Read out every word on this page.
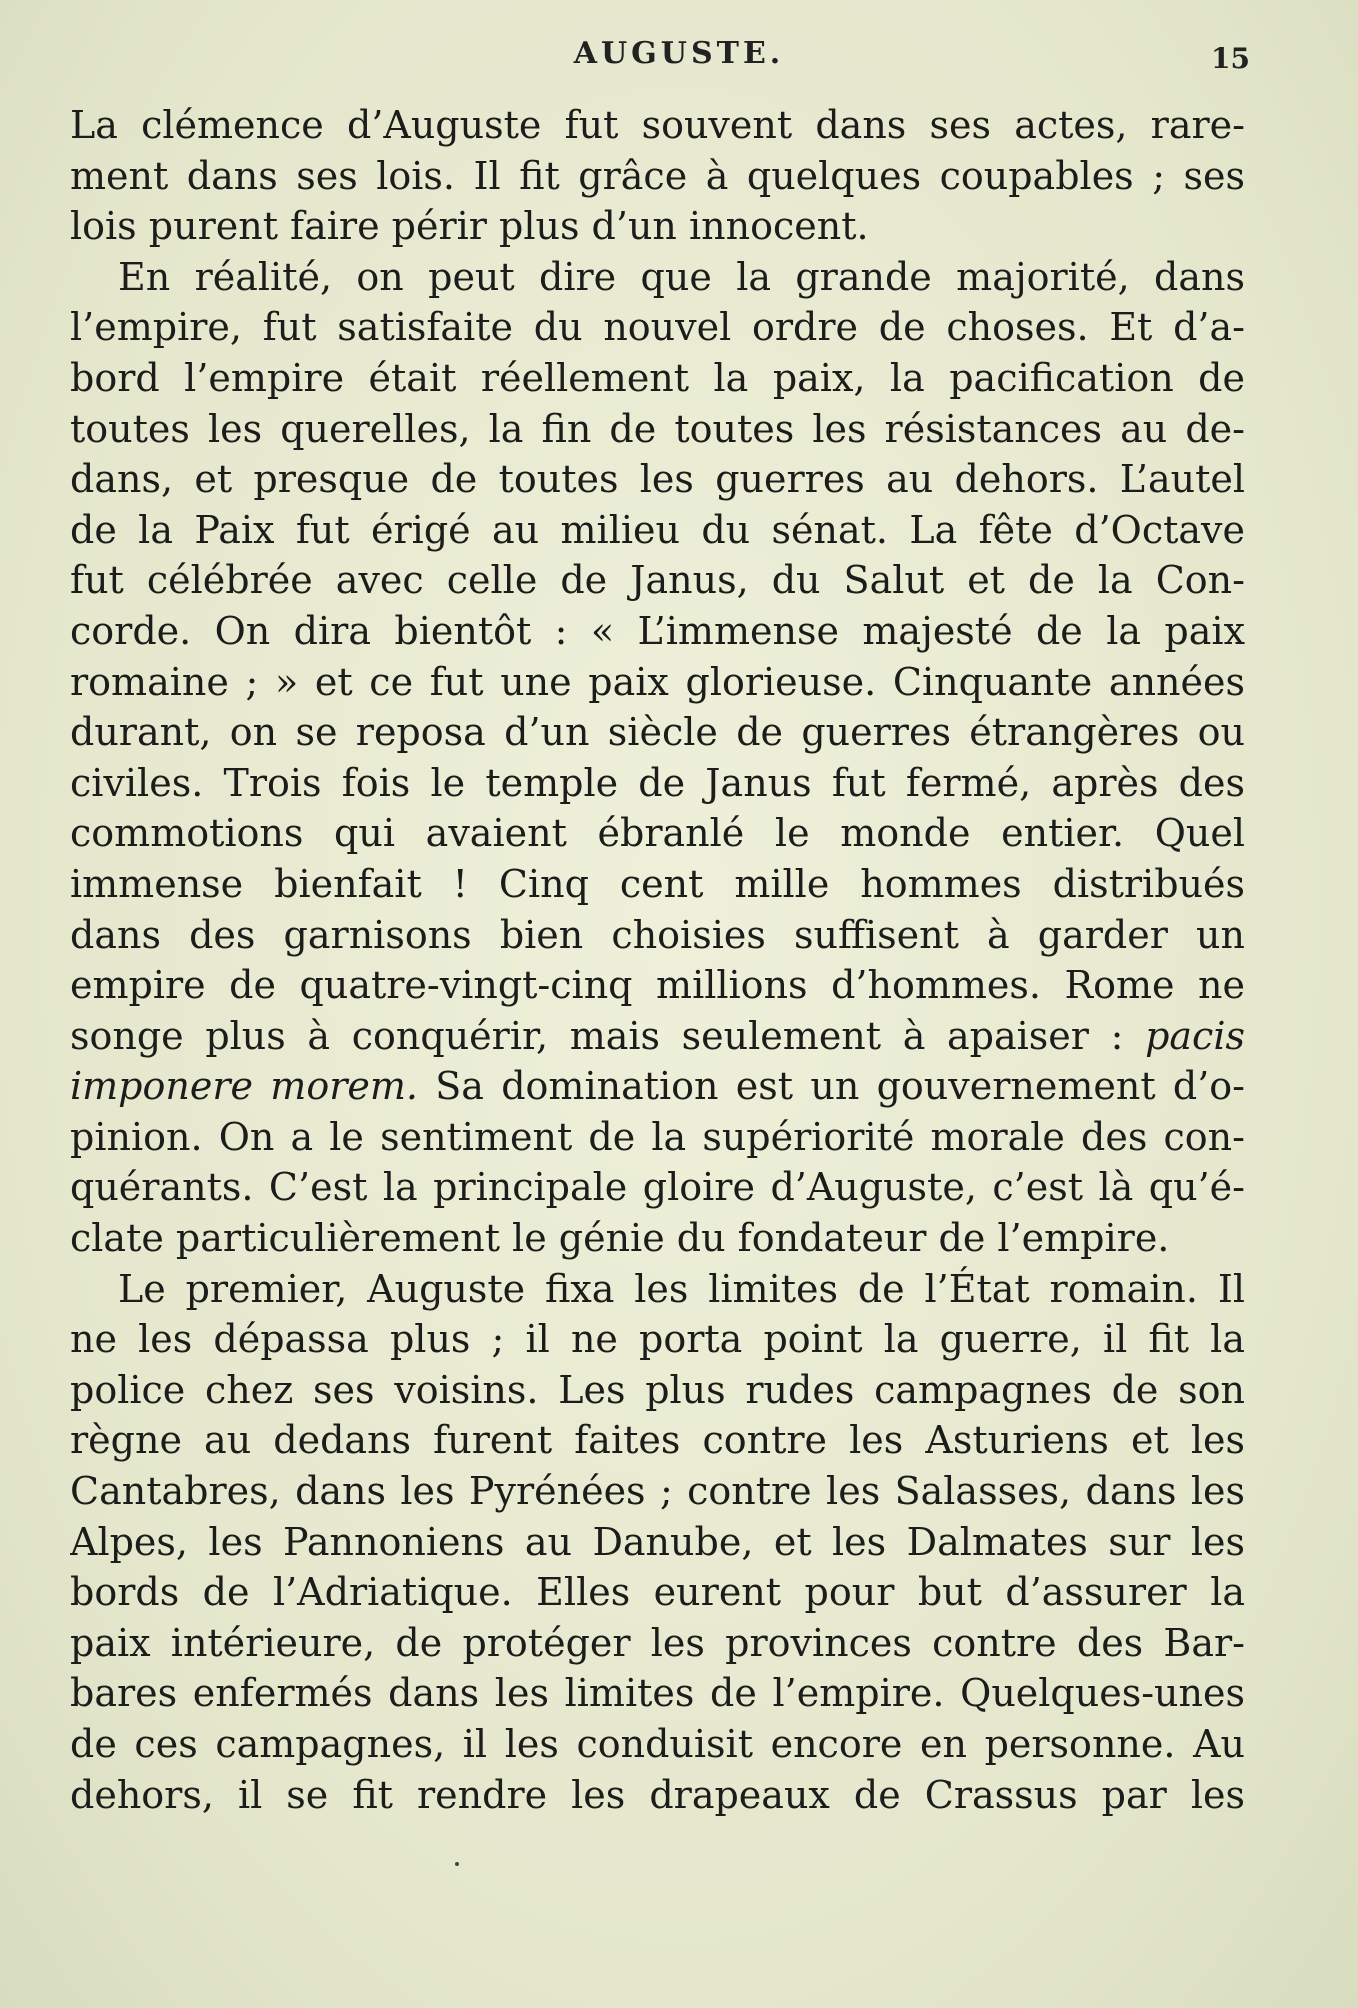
AUGUSTE.	15
La clémence d’Auguste fut souvent dans ses actes, rare-
ment dans ses lois. Il fit grâce à quelques coupables ; ses
lois purent faire périr plus d’un innocent.
En réalité, on peut dire que la grande majorité, dans
l’empire, fut satisfaite du nouvel ordre de choses. Et d’a-
bord l’empire était réellement la paix, la pacification de
toutes les querelles, la fin de toutes les résistances au de-
dans, et presque de toutes les guerres au dehors. L’autel
de la Paix fut érigé au milieu du sénat. La fête d’Octave
fut célébrée avec celle de Janus, du Salut et de la Con-
corde. On dira bientôt : « L’immense majesté de la paix
romaine ; » et ce fut une paix glorieuse. Cinquante années
durant, on se reposa d’un siècle de guerres étrangères ou
civiles. Trois fois le temple de Janus fut fermé, après des
commotions qui avaient ébranlé le monde entier. Quel
immense bienfait ! Cinq cent mille hommes distribués
dans des garnisons bien choisies suffisent à garder un
empire de quatre-vingt-cinq millions d’hommes. Rome ne
songe plus à conquérir, mais seulement à apaiser : pacis
imponere morem. Sa domination est un gouvernement d’o-
pinion. On a le sentiment de la supériorité morale des con-
quérants. C’est la principale gloire d’Auguste, c’est là qu’é-
clate particulièrement le génie du fondateur de l’empire.
Le premier, Auguste fixa les limites de l’État romain. Il
ne les dépassa plus ; il ne porta point la guerre, il fit la
police chez ses voisins. Les plus rudes campagnes de son
règne au dedans furent faites contre les Asturiens et les
Cantabres, dans les Pyrénées ; contre les Salasses, dans les
Alpes, les Pannoniens au Danube, et les Dalmates sur les
bords de l’Adriatique. Elles eurent pour but d’assurer la
paix intérieure, de protéger les provinces contre des Bar-
bares enfermés dans les limites de l’empire. Quelques-unes
de ces campagnes, il les conduisit encore en personne. Au
dehors, il se fit rendre les drapeaux de Crassus par les
